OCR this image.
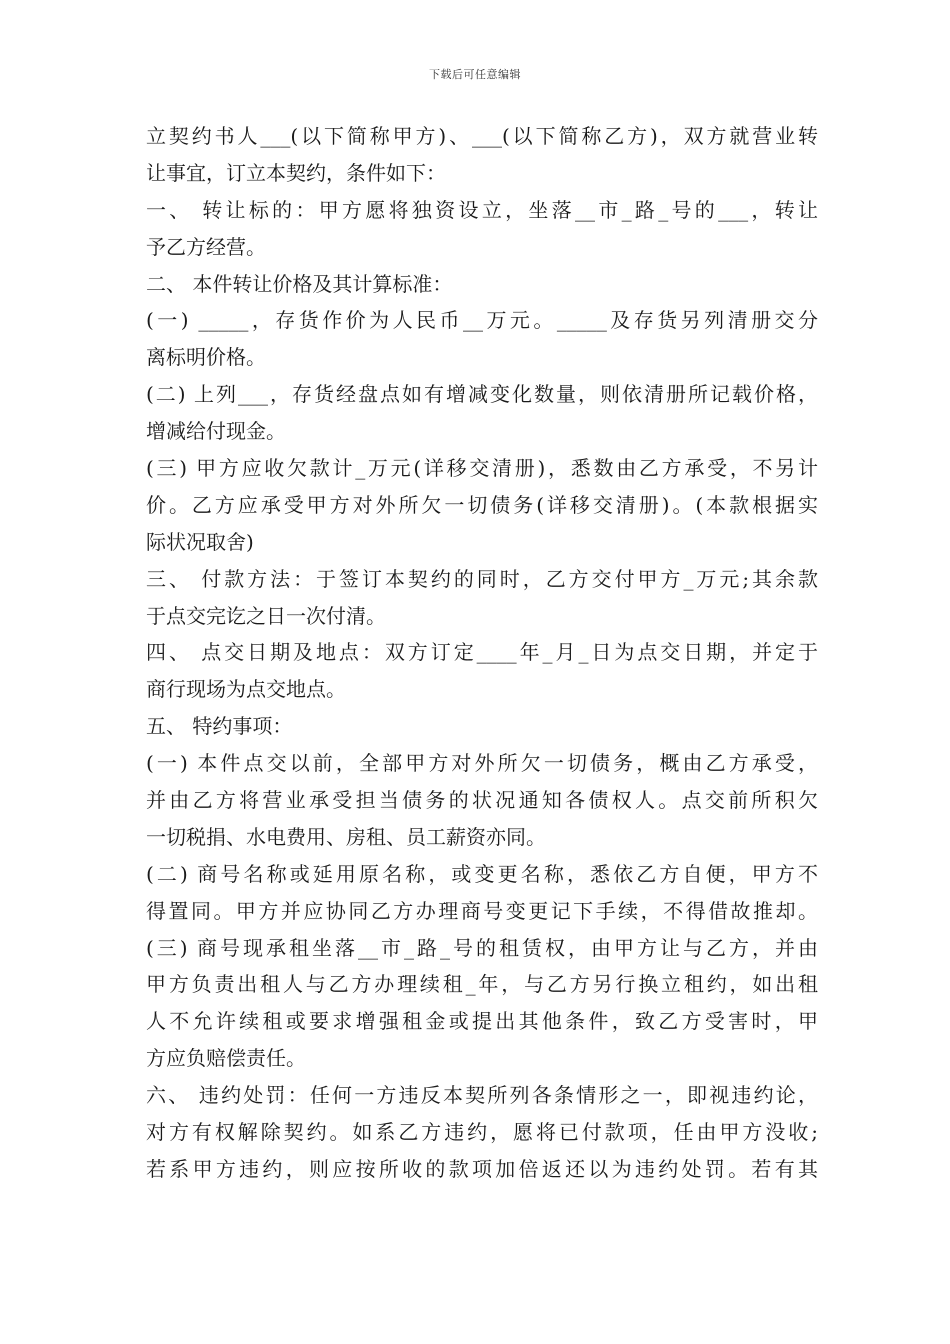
下载后可任意编辑
立契约书人___(以下简称甲方)、___(以下简称乙方)，双方就营业转
让事宜，订立本契约，条件如下：
一、 转让标的：甲方愿将独资设立，坐落__市_路_号的___，转让
予乙方经营。
二、 本件转让价格及其计算标准：
(一) _____，存货作价为人民币__万元。_____及存货另列清册交分
离标明价格。
(二) 上列___，存货经盘点如有增减变化数量，则依清册所记载价格，
增减给付现金。
(三) 甲方应收欠款计_万元(详移交清册)，悉数由乙方承受，不另计
价。乙方应承受甲方对外所欠一切债务(详移交清册)。(本款根据实
际状况取舍)
三、 付款方法：于签订本契约的同时，乙方交付甲方_万元;其余款
于点交完讫之日一次付清。
四、 点交日期及地点：双方订定____年_月_日为点交日期，并定于
商行现场为点交地点。
五、 特约事项：
(一) 本件点交以前，全部甲方对外所欠一切债务，概由乙方承受，
并由乙方将营业承受担当债务的状况通知各债权人。点交前所积欠
一切税捐、水电费用、房租、员工薪资亦同。
(二) 商号名称或延用原名称，或变更名称，悉依乙方自便，甲方不
得置同。甲方并应协同乙方办理商号变更记下手续，不得借故推却。
(三) 商号现承租坐落__市_路_号的租赁权，由甲方让与乙方，并由
甲方负责出租人与乙方办理续租_年，与乙方另行换立租约，如出租
人不允许续租或要求增强租金或提出其他条件，致乙方受害时，甲
方应负赔偿责任。
六、 违约处罚：任何一方违反本契所列各条情形之一，即视违约论，
对方有权解除契约。如系乙方违约，愿将已付款项，任由甲方没收;
若系甲方违约，则应按所收的款项加倍返还以为违约处罚。若有其
